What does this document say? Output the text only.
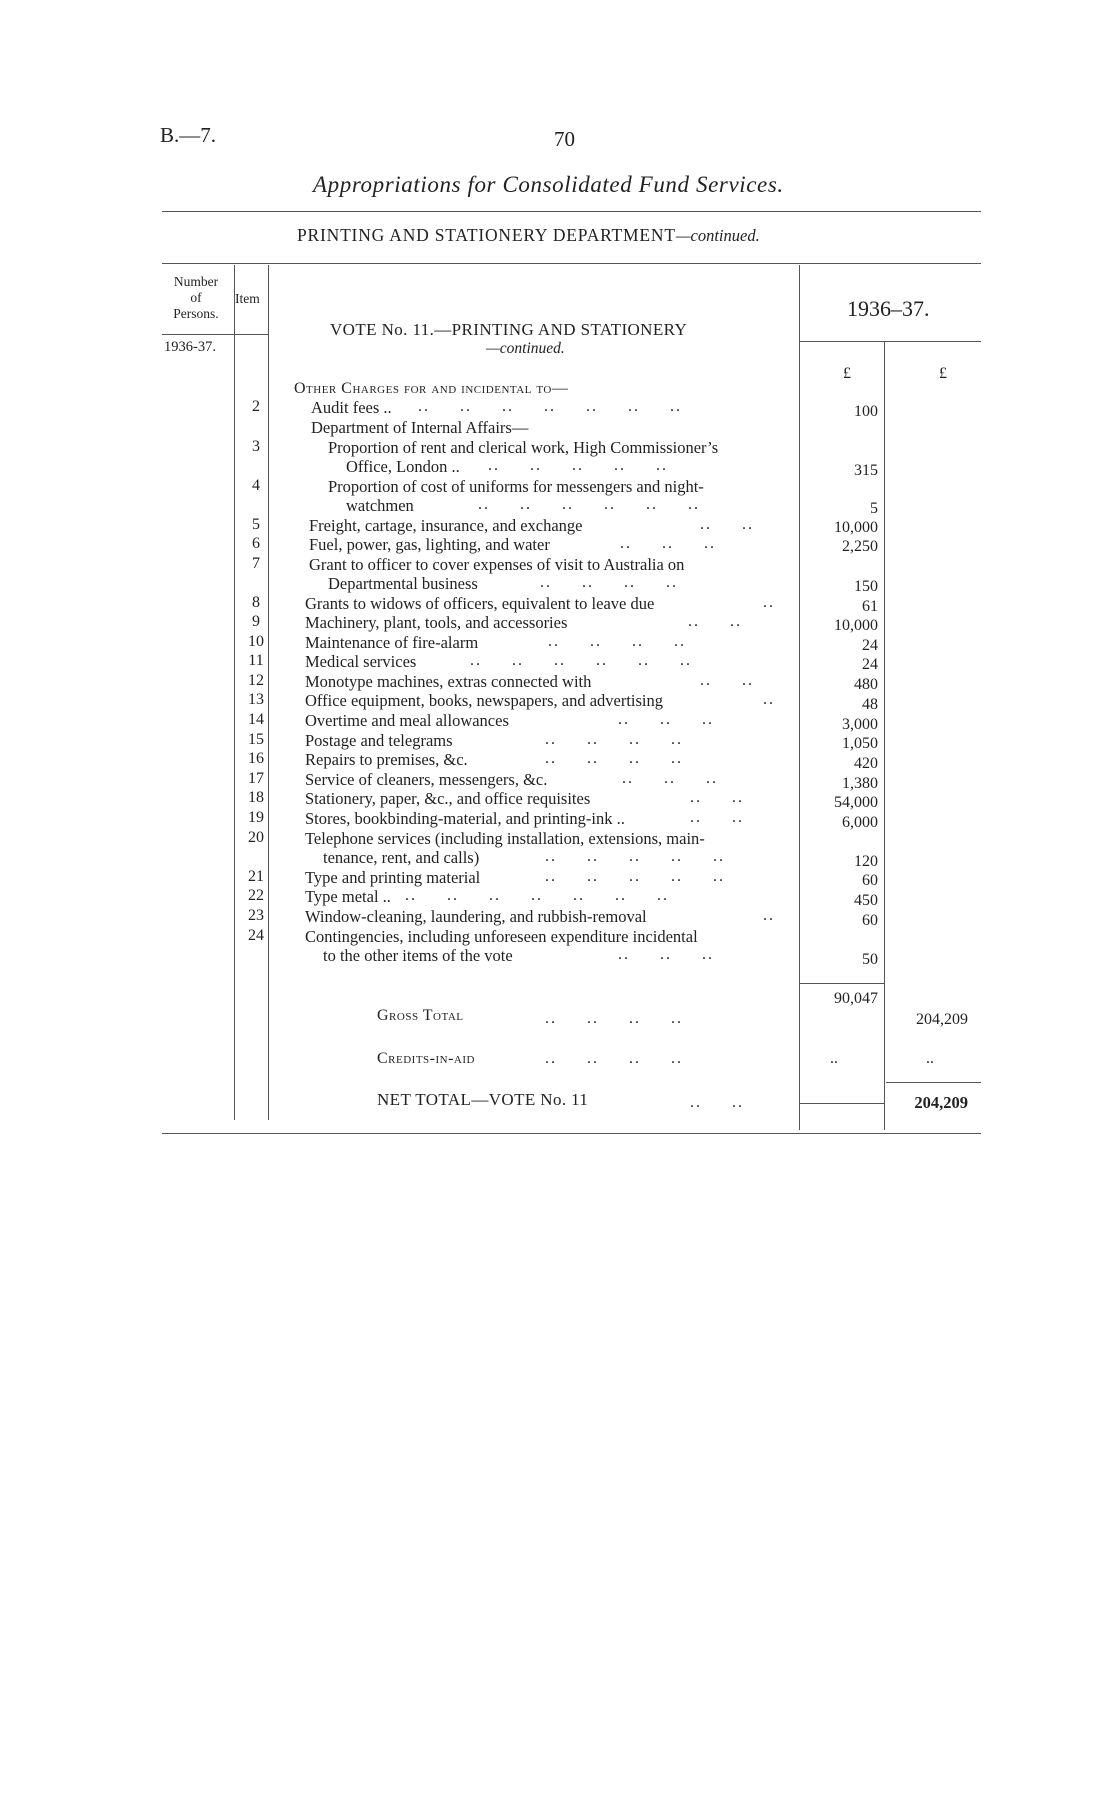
B.—7.	70
Appropriations for Consolidated Fund Services.
PRINTING AND STATIONERY DEPARTMENT—continued.
Number
of
Persons.
1936-37.
Item
VOTE No. 11.—PRINTING AND STATIONERY
—continued.
1936–37.
£	£
Other Charges for and incidental to—
2	Audit fees .. ..     ..     ..     ..     ..     ..     ..	100
Department of Internal Affairs—
3	Proportion of rent and clerical work, High Commissioner’s
Office, London .. ..     ..     ..     ..     ..	315
4	Proportion of cost of uniforms for messengers and night-
watchmen	..     ..     ..     ..     ..     ..	5
5	Freight, cartage, insurance, and exchange	..     ..	10,000
6	Fuel, power, gas, lighting, and water	..     ..     ..	2,250
7	Grant to officer to cover expenses of visit to Australia on
Departmental business	..     ..     ..     ..	150
8	Grants to widows of officers, equivalent to leave due	..	61
9	Machinery, plant, tools, and accessories	..     ..	10,000
10	Maintenance of fire-alarm	..     ..     ..     ..	24
11	Medical services	..     ..     ..     ..     ..     ..	24
12	Monotype machines, extras connected with	..     ..	480
13	Office equipment, books, newspapers, and advertising	..	48
14	Overtime and meal allowances	..     ..     ..	3,000
15	Postage and telegrams	..     ..     ..     ..	1,050
16	Repairs to premises, &c.	..     ..     ..     ..	420
17	Service of cleaners, messengers, &c.	..     ..     ..	1,380
18	Stationery, paper, &c., and office requisites	..     ..	54,000
19	Stores, bookbinding-material, and printing-ink ..	..     ..	6,000
20	Telephone services (including installation, extensions, main-
tenance, rent, and calls)	..     ..     ..     ..     ..	120
21	Type and printing material	..     ..     ..     ..     ..	60
22	Type metal .. ..     ..     ..     ..     ..     ..     ..	450
23	Window-cleaning, laundering, and rubbish-removal	..	60
24	Contingencies, including unforeseen expenditure incidental
to the other items of the vote	..     ..     ..	50
90,047
Gross Total	..     ..     ..     ..	204,209
Credits-in-aid	..     ..     ..     ..	..	..
NET TOTAL—VOTE No. 11	..     ..	204,209
